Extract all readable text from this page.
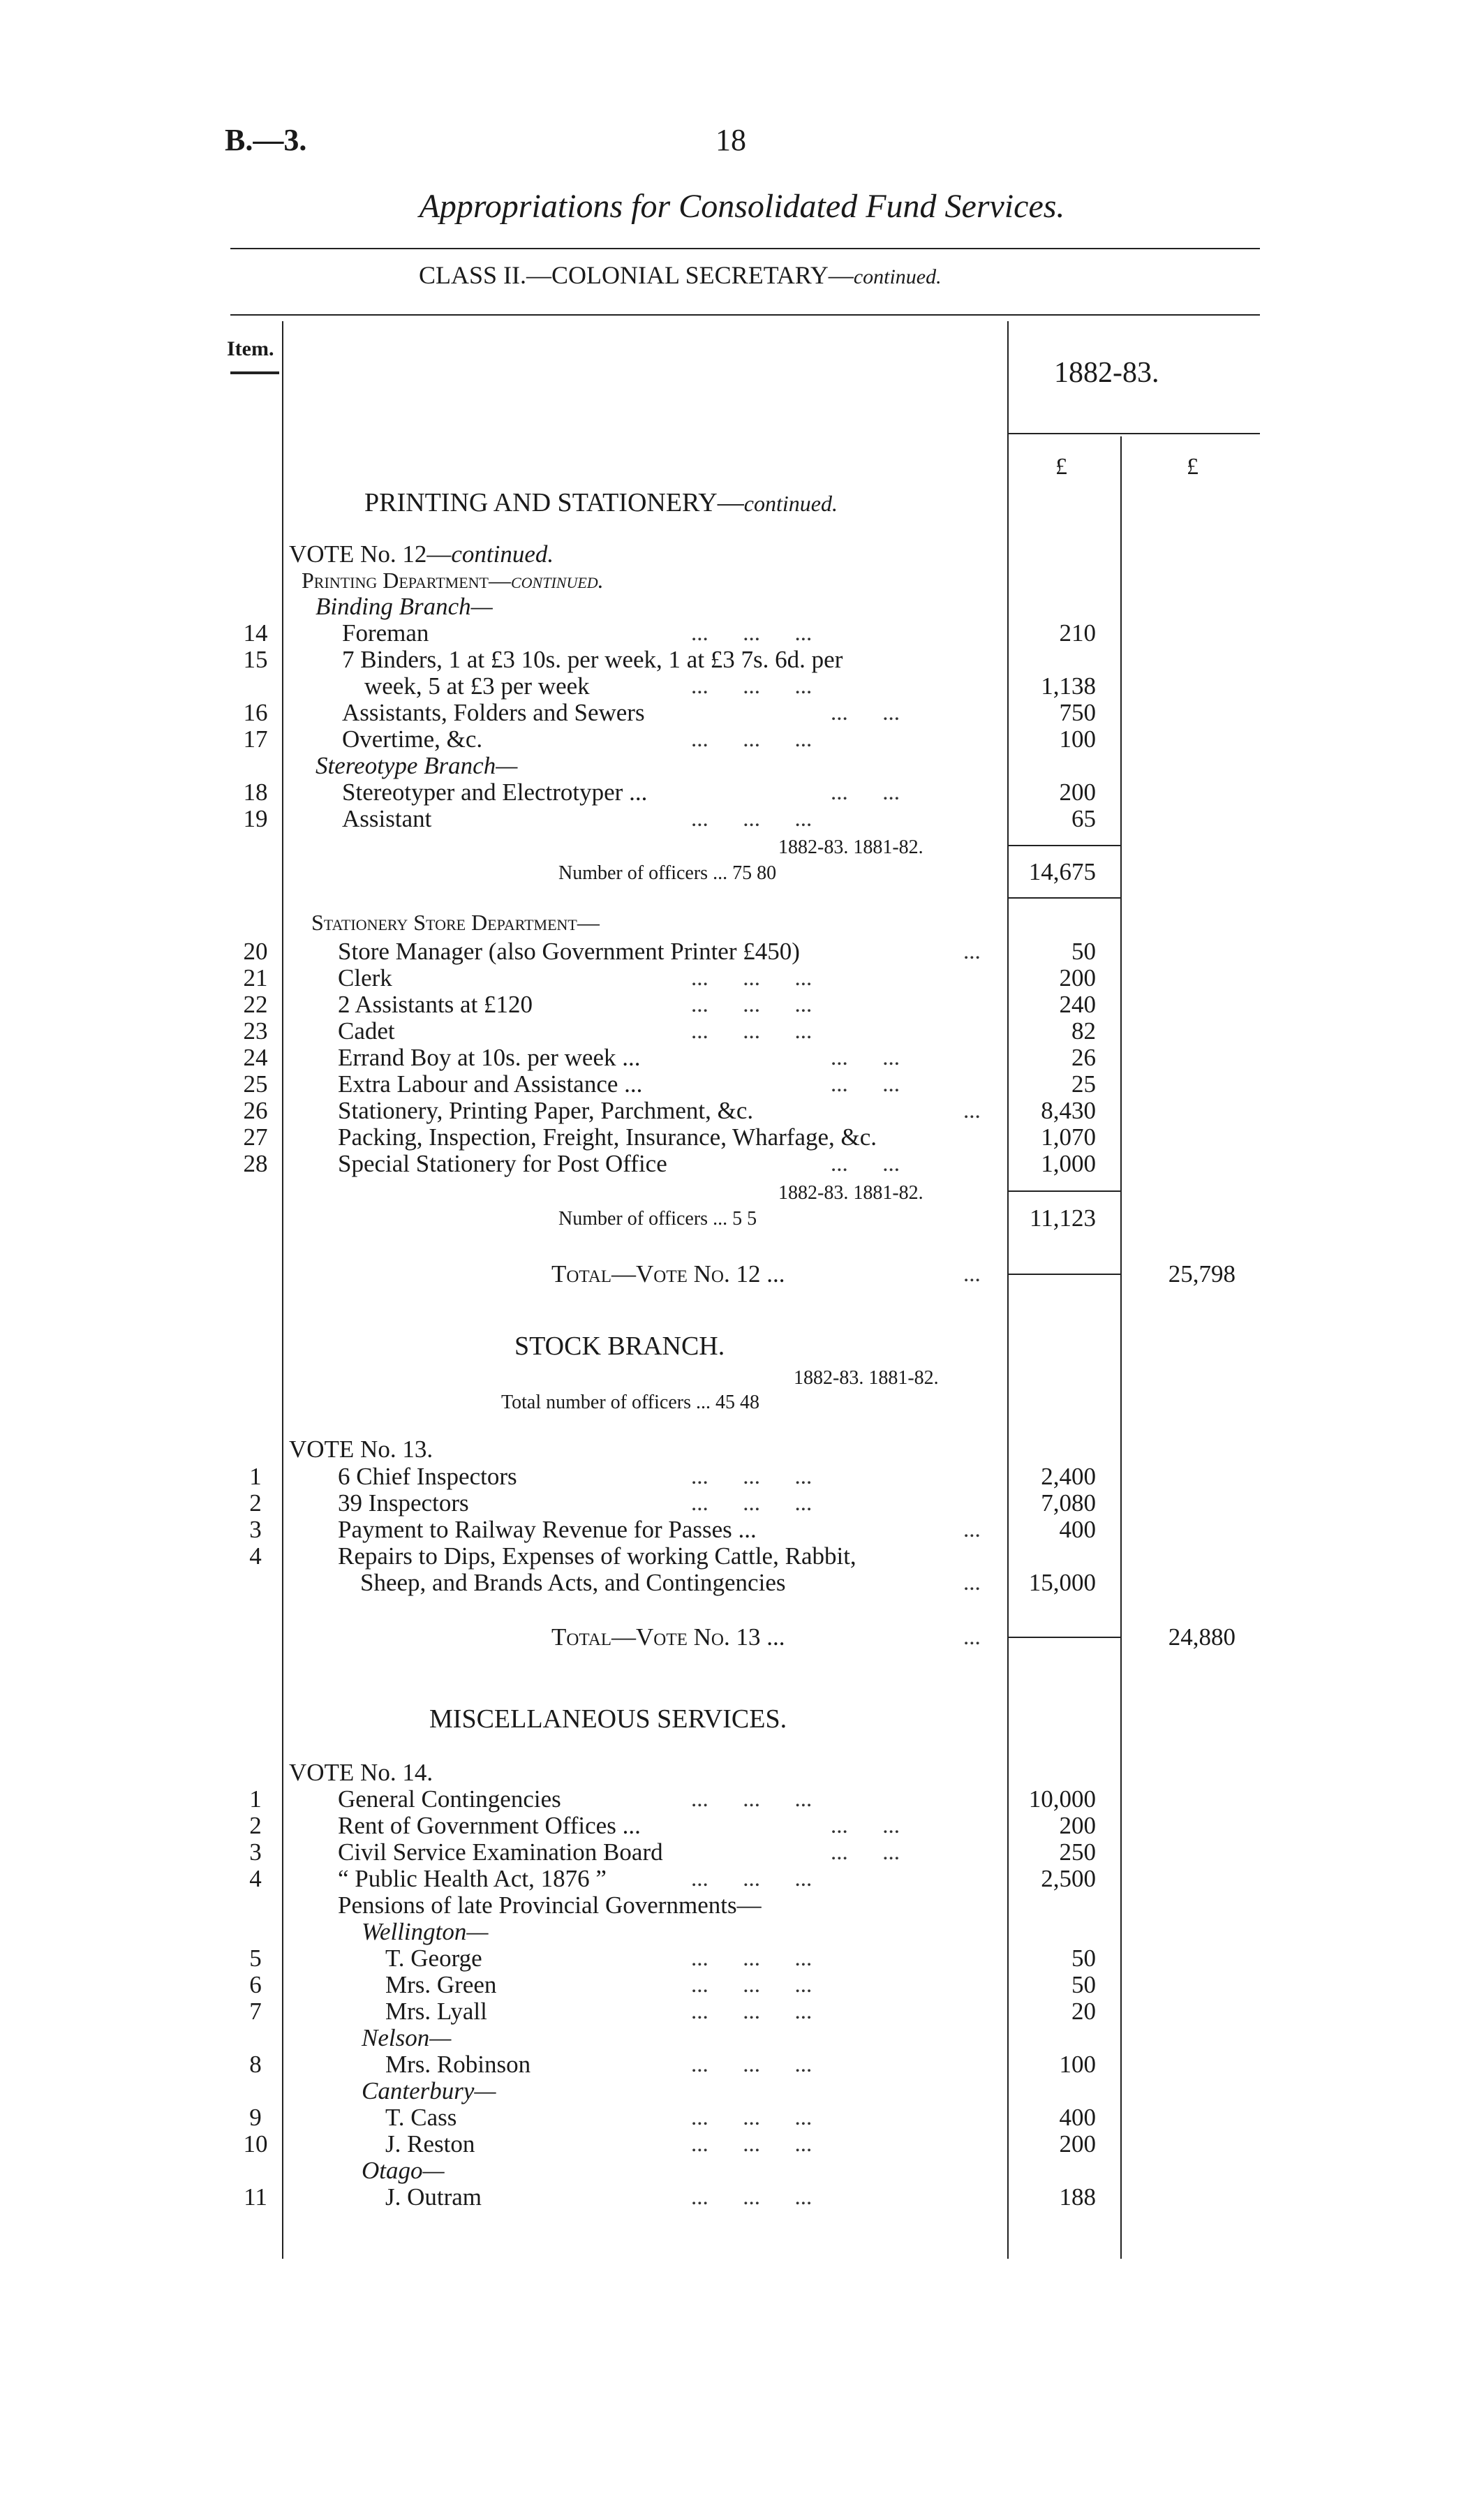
B.—3.	18
Appropriations for Consolidated Fund Services.
CLASS II.—COLONIAL SECRETARY—continued.
Item.
1882-83.
£	£
PRINTING AND STATIONERY—continued.
VOTE No. 12—continued.
Printing Department—continued.
Binding Branch—
14	Foreman	210
15	7 Binders, 1 at £3 10s. per week, 1 at £3 7s. 6d. per
week, 5 at £3 per week	1,138
16	Assistants, Folders and Sewers	750
17	Overtime, &c.	100
Stereotype Branch—
18	Stereotyper and Electrotyper ...	200
19	Assistant	65
1882-83. 1881-82.
Number of officers ... 75 80	14,675
Stationery Store Department—
20	Store Manager (also Government Printer £450)	50
21	Clerk	200
22	2 Assistants at £120	240
23	Cadet	82
24	Errand Boy at 10s. per week ...	26
25	Extra Labour and Assistance ...	25
26	Stationery, Printing Paper, Parchment, &c.	8,430
27	Packing, Inspection, Freight, Insurance, Wharfage, &c.	1,070
28	Special Stationery for Post Office	1,000
1882-83. 1881-82.
Number of officers ... 5 5	11,123
Total—Vote No. 12 ...	25,798
STOCK BRANCH.
1882-83. 1881-82.
Total number of officers ... 45 48
VOTE No. 13.
1	6 Chief Inspectors	2,400
2	39 Inspectors	7,080
3	Payment to Railway Revenue for Passes ...	400
4	Repairs to Dips, Expenses of working Cattle, Rabbit,
Sheep, and Brands Acts, and Contingencies	15,000
Total—Vote No. 13 ...	24,880
MISCELLANEOUS SERVICES.
VOTE No. 14.
1	General Contingencies	10,000
2	Rent of Government Offices ...	200
3	Civil Service Examination Board	250
4	“ Public Health Act, 1876 ”	2,500
Pensions of late Provincial Governments—
Wellington—
5	T. George	50
6	Mrs. Green	50
7	Mrs. Lyall	20
Nelson—
8	Mrs. Robinson	100
Canterbury—
9	T. Cass	400
10	J. Reston	200
Otago—
11	J. Outram	188
...      ...      ...
...      ...      ...
...      ...
...      ...      ...
...      ...
...      ...      ...
...
...      ...      ...
...      ...      ...
...      ...      ...
...      ...
...      ...
...
...      ...
...
...      ...      ...
...      ...      ...
...
...
...
...      ...      ...
...      ...
...      ...
...      ...      ...
...      ...      ...
...      ...      ...
...      ...      ...
...      ...      ...
...      ...      ...
...      ...      ...
...      ...      ...
